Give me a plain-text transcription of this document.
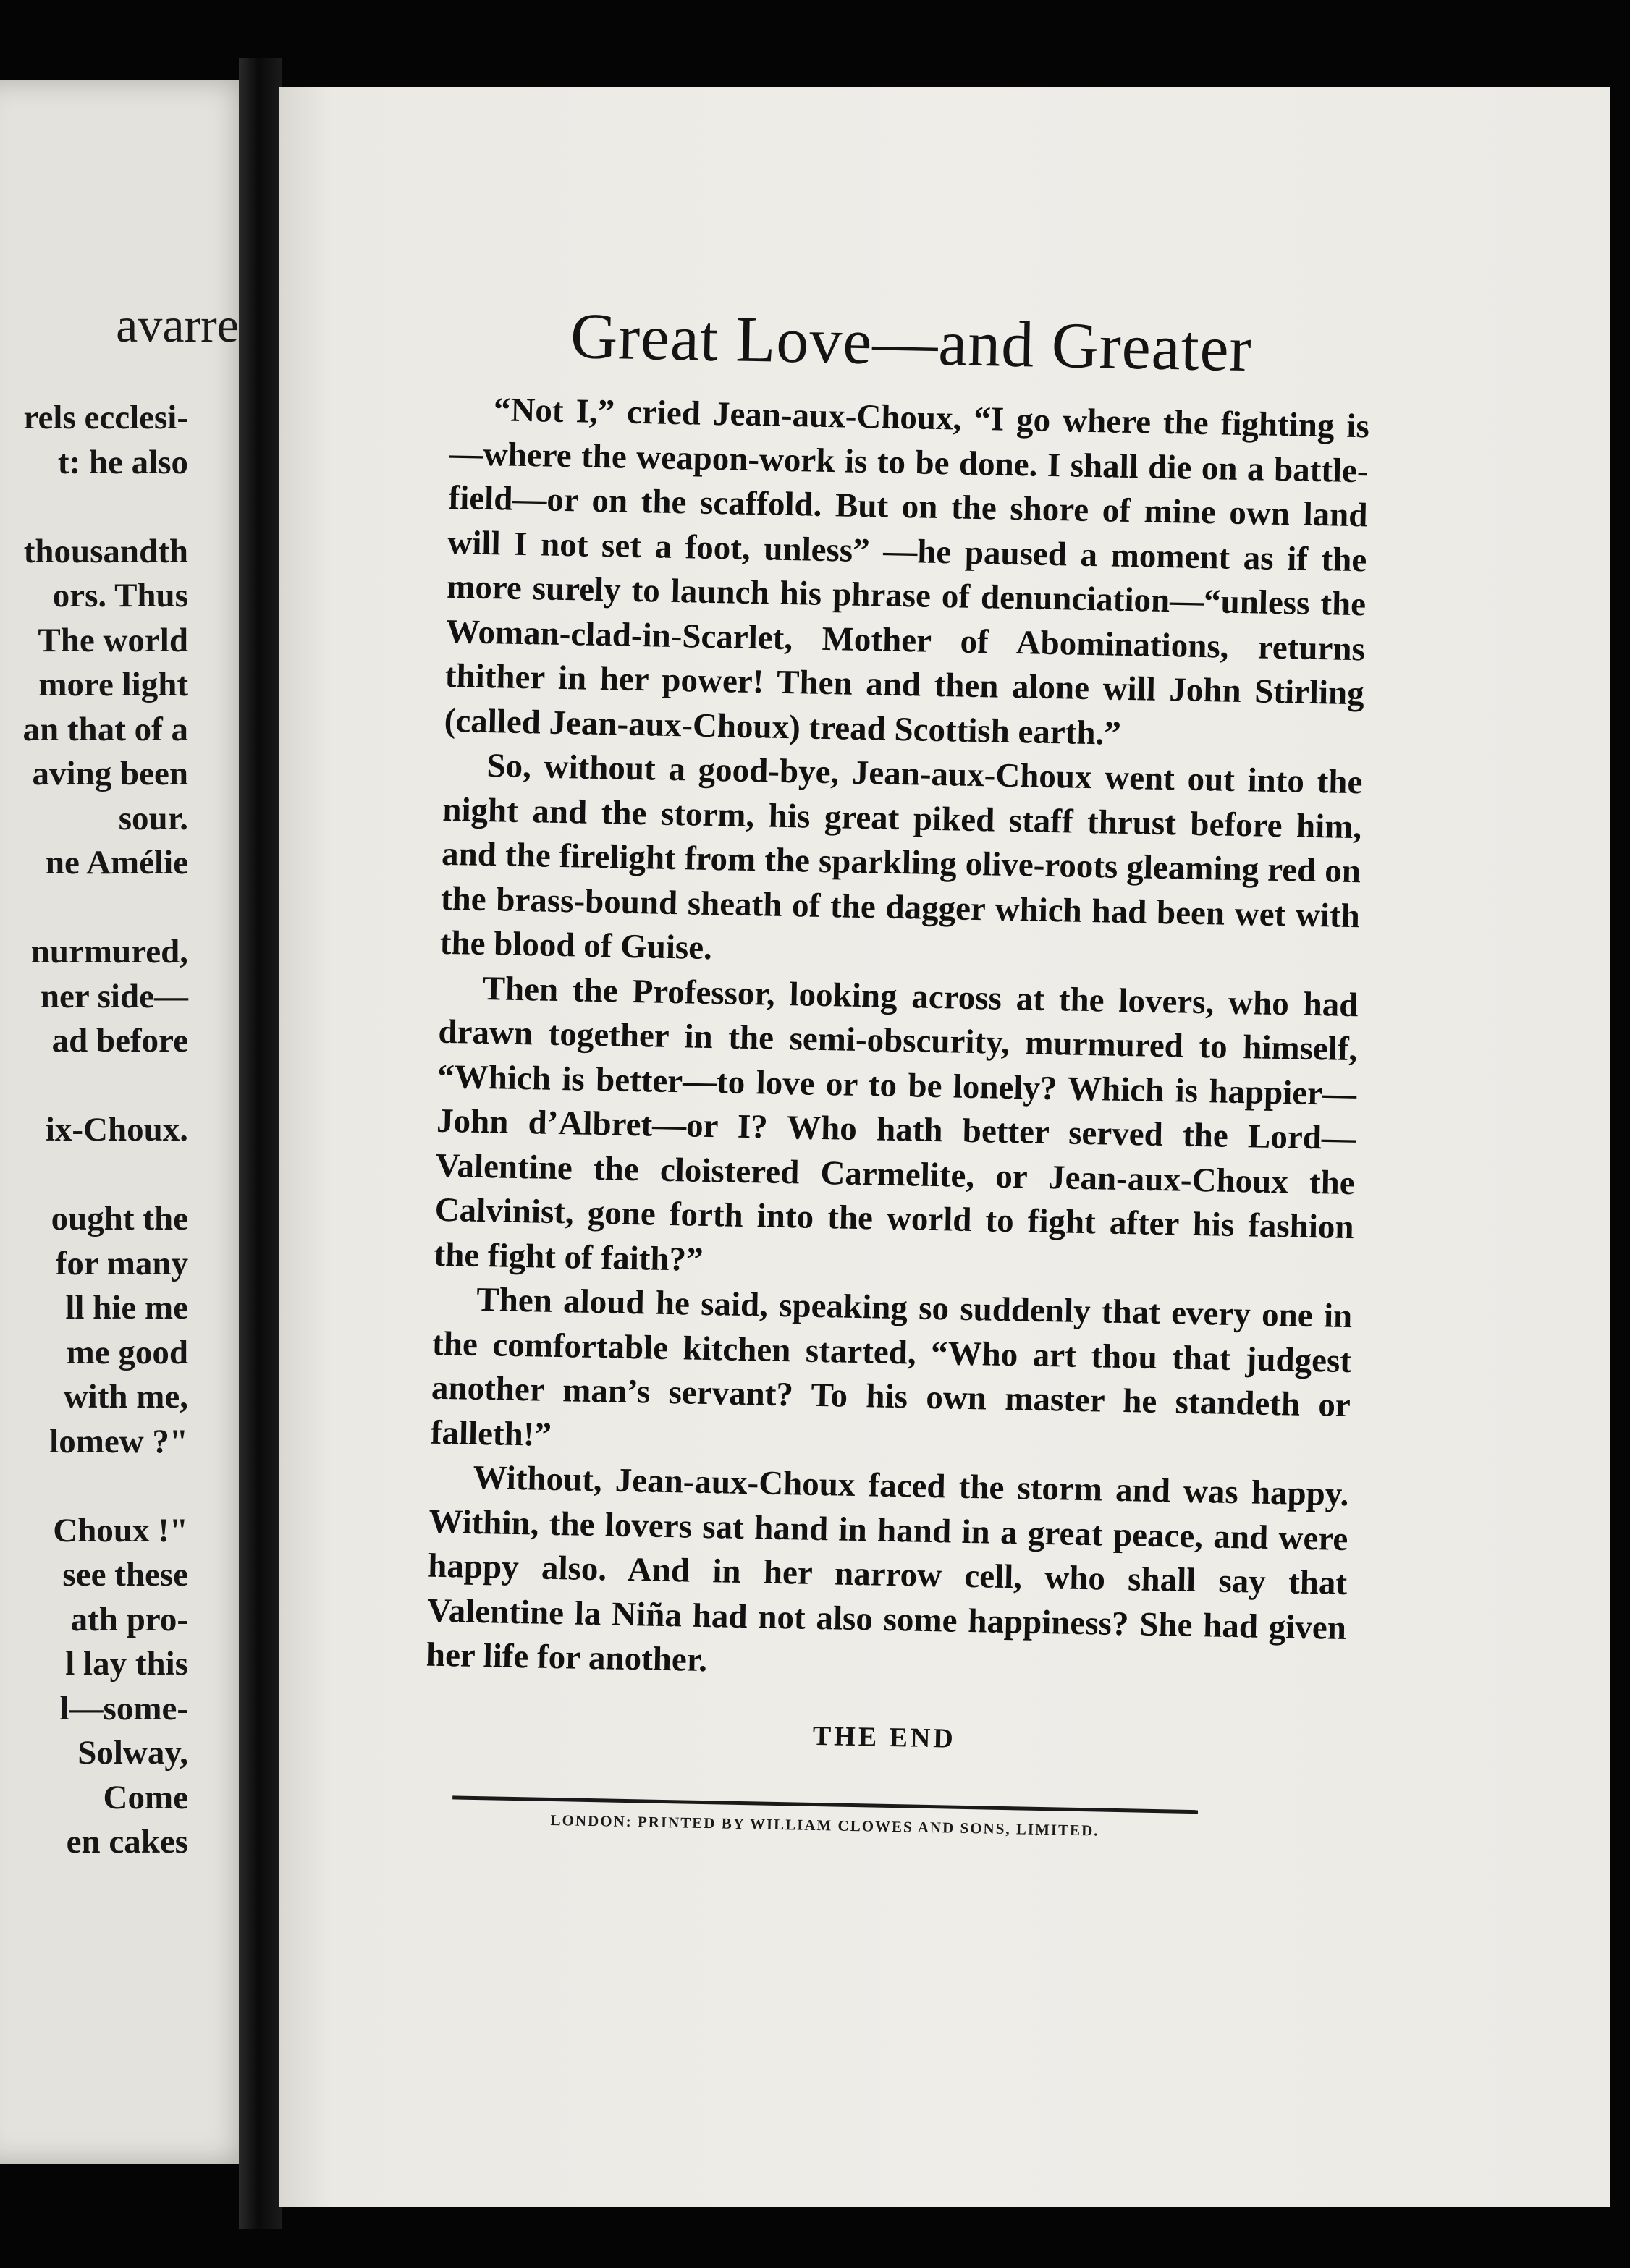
avarre
rels ecclesi-
t: he also
thousandth
ors. Thus
The world
more light
an that of a
aving been
sour.
ne Amélie
nurmured,
ner side—
ad before
ix-Choux.
ought the
for many
ll hie me
me good
with me,
lomew ?"
Choux !"
see these
ath pro-
l lay this
l—some-
Solway,
Come
en cakes
Great Love—and Greater

“Not I,” cried Jean-aux-Choux, “I go where the fighting is —where the weapon-work is to be done. I shall die on a battle-field—or on the scaffold. But on the shore of mine own land will I not set a foot, unless” —he paused a moment as if the more surely to launch his phrase of denunciation—“unless the Woman-clad-in-Scarlet, Mother of Abominations, returns thither in her power! Then and then alone will John Stirling (called Jean-aux-Choux) tread Scottish earth.”

So, without a good-bye, Jean-aux-Choux went out into the night and the storm, his great piked staff thrust before him, and the firelight from the sparkling olive-roots gleaming red on the brass-bound sheath of the dagger which had been wet with the blood of Guise.

Then the Professor, looking across at the lovers, who had drawn together in the semi-obscurity, murmured to himself, “Which is better—to love or to be lonely? Which is happier—John d’Albret—or I? Who hath better served the Lord—Valentine the cloistered Carmelite, or Jean-aux-Choux the Calvinist, gone forth into the world to fight after his fashion the fight of faith?”

Then aloud he said, speaking so suddenly that every one in the comfortable kitchen started, “Who art thou that judgest another man’s servant? To his own master he standeth or falleth!”

Without, Jean-aux-Choux faced the storm and was happy. Within, the lovers sat hand in hand in a great peace, and were happy also. And in her narrow cell, who shall say that Valentine la Niña had not also some happiness? She had given her life for another.

THE END
LONDON: PRINTED BY WILLIAM CLOWES AND SONS, LIMITED.
